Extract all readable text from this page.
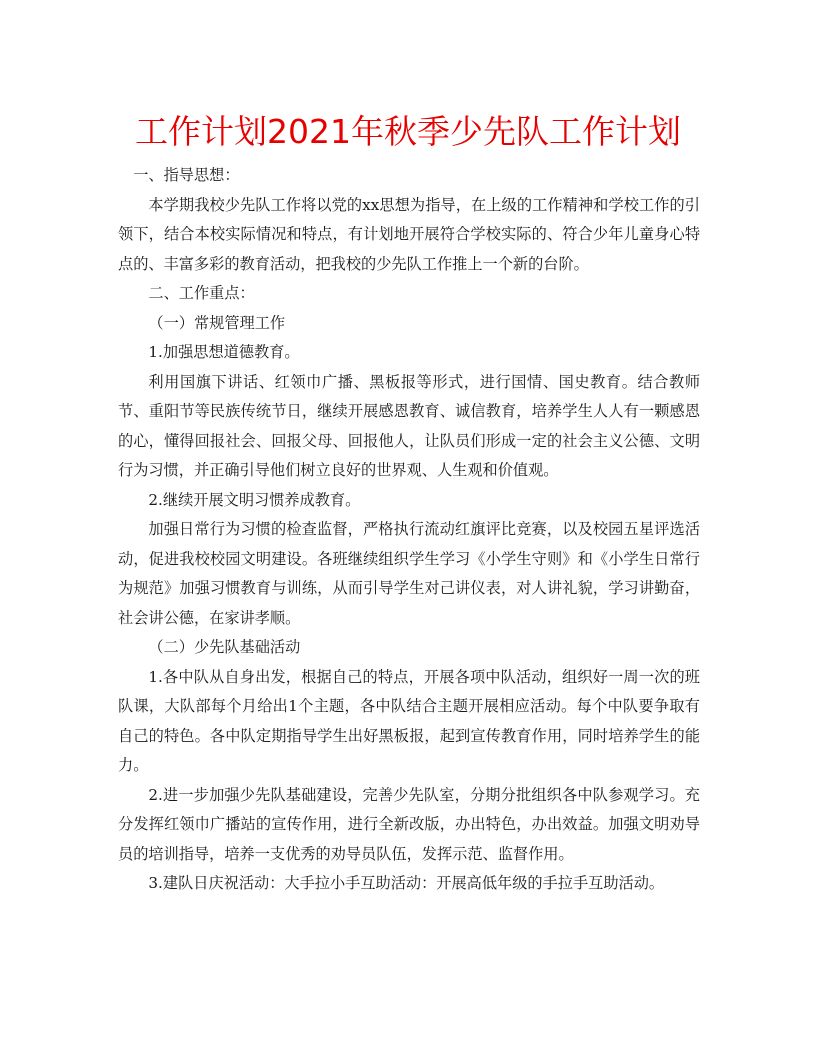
工作计划2021年秋季少先队工作计划

一、指导思想：

本学期我校少先队工作将以党的xx思想为指导，在上级的工作精神和学校工作的引领下，结合本校实际情况和特点，有计划地开展符合学校实际的、符合少年儿童身心特点的、丰富多彩的教育活动，把我校的少先队工作推上一个新的台阶。

二、工作重点：

（一）常规管理工作

1.加强思想道德教育。

利用国旗下讲话、红领巾广播、黑板报等形式，进行国情、国史教育。结合教师节、重阳节等民族传统节日，继续开展感恩教育、诚信教育，培养学生人人有一颗感恩的心，懂得回报社会、回报父母、回报他人，让队员们形成一定的社会主义公德、文明行为习惯，并正确引导他们树立良好的世界观、人生观和价值观。

2.继续开展文明习惯养成教育。

加强日常行为习惯的检查监督，严格执行流动红旗评比竞赛，以及校园五星评选活动，促进我校校园文明建设。各班继续组织学生学习《小学生守则》和《小学生日常行为规范》加强习惯教育与训练，从而引导学生对己讲仪表，对人讲礼貌，学习讲勤奋，社会讲公德，在家讲孝顺。

（二）少先队基础活动

1.各中队从自身出发，根据自己的特点，开展各项中队活动，组织好一周一次的班队课，大队部每个月给出1个主题，各中队结合主题开展相应活动。每个中队要争取有自己的特色。各中队定期指导学生出好黑板报，起到宣传教育作用，同时培养学生的能力。

2.进一步加强少先队基础建设，完善少先队室，分期分批组织各中队参观学习。充分发挥红领巾广播站的宣传作用，进行全新改版，办出特色，办出效益。加强文明劝导员的培训指导，培养一支优秀的劝导员队伍，发挥示范、监督作用。

3.建队日庆祝活动：大手拉小手互助活动：开展高低年级的手拉手互助活动。
